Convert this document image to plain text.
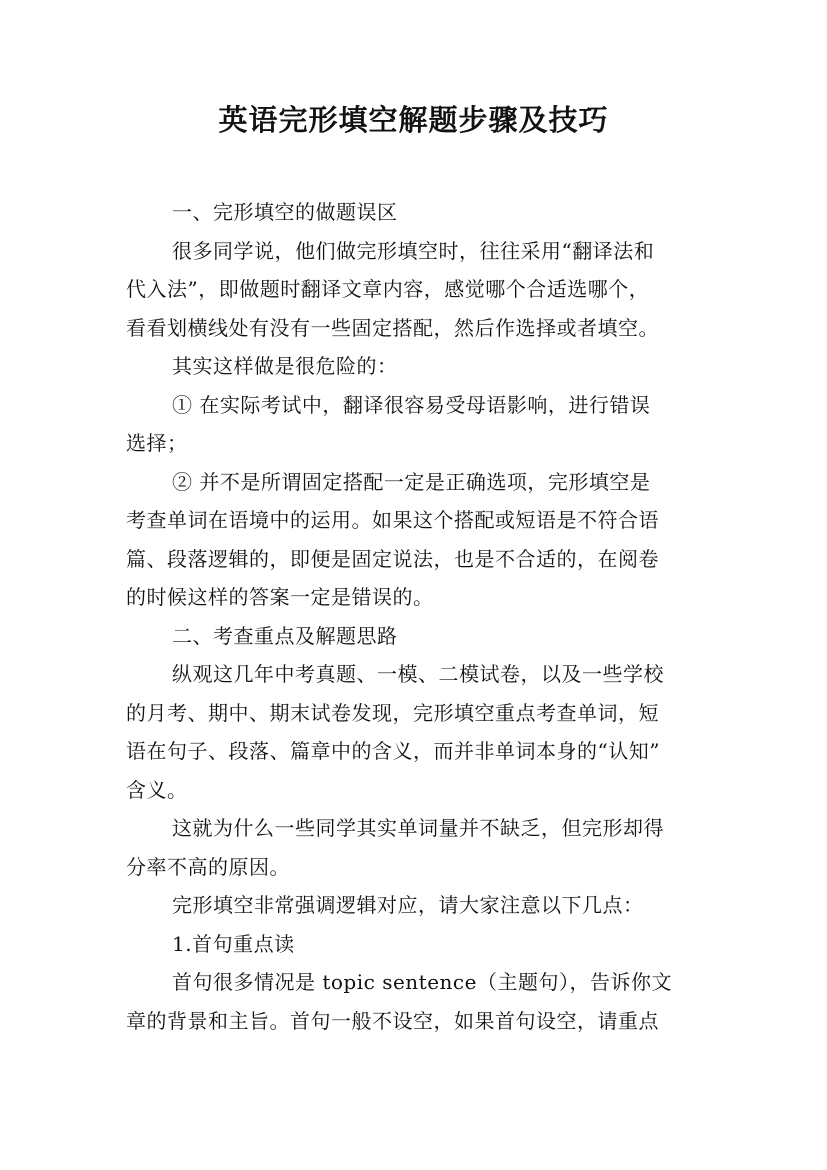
英语完形填空解题步骤及技巧
一、完形填空的做题误区
很多同学说，他们做完形填空时，往往采用“翻译法和
代入法”，即做题时翻译文章内容，感觉哪个合适选哪个，
看看划横线处有没有一些固定搭配，然后作选择或者填空。
其实这样做是很危险的：
① 在实际考试中，翻译很容易受母语影响，进行错误
选择；
② 并不是所谓固定搭配一定是正确选项，完形填空是
考查单词在语境中的运用。如果这个搭配或短语是不符合语
篇、段落逻辑的，即便是固定说法，也是不合适的，在阅卷
的时候这样的答案一定是错误的。
二、考查重点及解题思路
纵观这几年中考真题、一模、二模试卷，以及一些学校
的月考、期中、期末试卷发现，完形填空重点考查单词，短
语在句子、段落、篇章中的含义，而并非单词本身的“认知”
含义。
这就为什么一些同学其实单词量并不缺乏，但完形却得
分率不高的原因。
完形填空非常强调逻辑对应，请大家注意以下几点：
1.首句重点读
首句很多情况是 topic sentence（主题句），告诉你文
章的背景和主旨。首句一般不设空，如果首句设空，请重点
